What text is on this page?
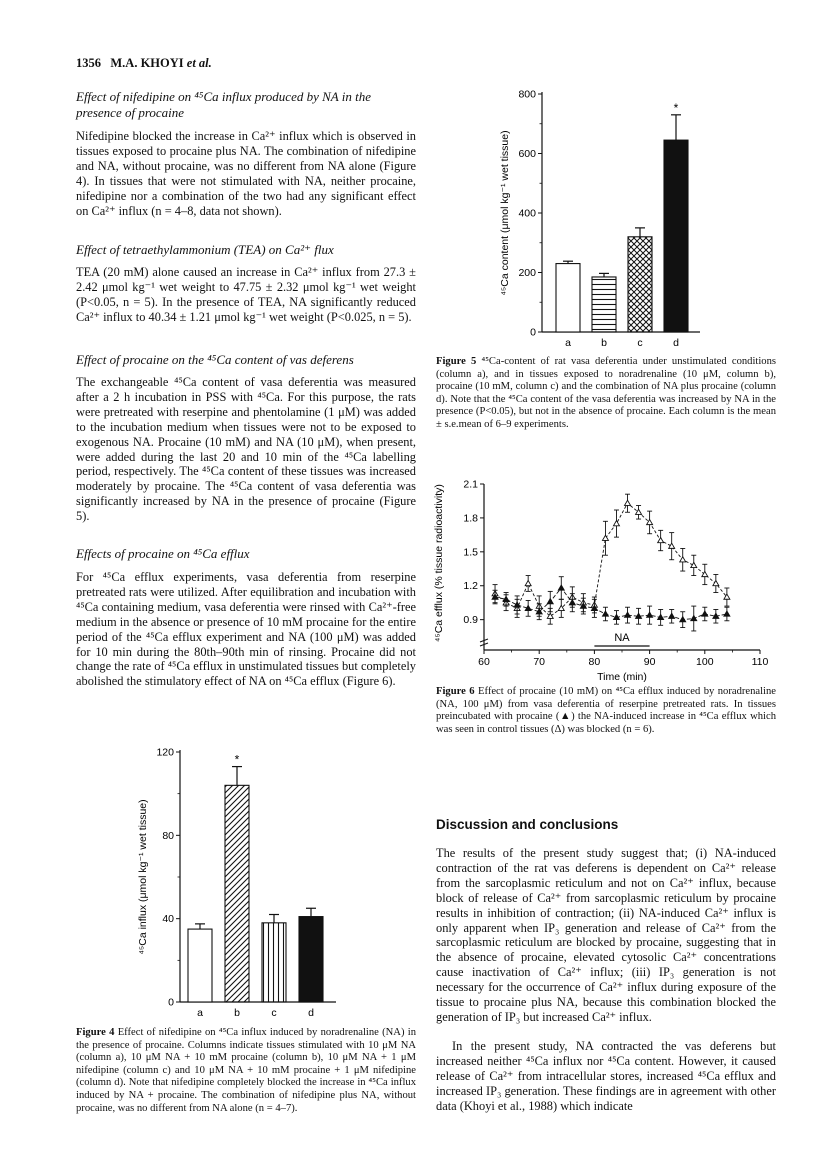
1356 M.A. KHOYI et al.
Effect of nifedipine on ⁴⁵Ca influx produced by NA in the presence of procaine

Nifedipine blocked the increase in Ca²⁺ influx which is observed in tissues exposed to procaine plus NA. The combination of nifedipine and NA, without procaine, was no different from NA alone (Figure 4). In tissues that were not stimulated with NA, neither procaine, nifedipine nor a combination of the two had any significant effect on Ca²⁺ influx (n = 4–8, data not shown).

Effect of tetraethylammonium (TEA) on Ca²⁺ flux

TEA (20 mM) alone caused an increase in Ca²⁺ influx from 27.3 ± 2.42 μmol kg⁻¹ wet weight to 47.75 ± 2.32 μmol kg⁻¹ wet weight (P<0.05, n = 5). In the presence of TEA, NA significantly reduced Ca²⁺ influx to 40.34 ± 1.21 μmol kg⁻¹ wet weight (P<0.025, n = 5).

Effect of procaine on the ⁴⁵Ca content of vas deferens

The exchangeable ⁴⁵Ca content of vasa deferentia was measured after a 2 h incubation in PSS with ⁴⁵Ca. For this purpose, the rats were pretreated with reserpine and phentolamine (1 μM) was added to the incubation medium when tissues were not to be exposed to exogenous NA. Procaine (10 mM) and NA (10 μM), when present, were added during the last 20 and 10 min of the ⁴⁵Ca labelling period, respectively. The ⁴⁵Ca content of these tissues was increased moderately by procaine. The ⁴⁵Ca content of vasa deferentia was significantly increased by NA in the presence of procaine (Figure 5).

Effects of procaine on ⁴⁵Ca efflux

For ⁴⁵Ca efflux experiments, vasa deferentia from reserpine pretreated rats were utilized. After equilibration and incubation with ⁴⁵Ca containing medium, vasa deferentia were rinsed with Ca²⁺-free medium in the absence or presence of 10 mM procaine for the entire period of the ⁴⁵Ca efflux experiment and NA (100 μM) was added for 10 min during the 80th–90th min of rinsing. Procaine did not change the rate of ⁴⁵Ca efflux in unstimulated tissues but completely abolished the stimulatory effect of NA on ⁴⁵Ca efflux (Figure 6).

0
40
80
120
⁴⁵Ca influx (μmol kg⁻¹ wet tissue)
a	b
*
c	d

Figure 4 Effect of nifedipine on ⁴⁵Ca influx induced by noradrenaline (NA) in the presence of procaine. Columns indicate tissues stimulated with 10 μM NA (column a), 10 μM NA + 10 mM procaine (column b), 10 μM NA + 1 μM nifedipine (column c) and 10 μM NA + 10 mM procaine + 1 μM nifedipine (column d). Note that nifedipine completely blocked the increase in ⁴⁵Ca influx induced by NA + procaine. The combination of nifedipine plus NA, without procaine, was no different from NA alone (n = 4–7).

0
200
400
600
800
⁴⁵Ca content (μmol kg⁻¹ wet tissue)
a	b	c	d
*

Figure 5 ⁴⁵Ca-content of rat vasa deferentia under unstimulated conditions (column a), and in tissues exposed to noradrenaline (10 μM, column b), procaine (10 mM, column c) and the combination of NA plus procaine (column d). Note that the ⁴⁵Ca content of the vasa deferentia was increased by NA in the presence (P<0.05), but not in the absence of procaine. Each column is the mean ± s.e.mean of 6–9 experiments.

60	70	80	90	100	110
0.9
1.2
1.5
1.8
2.1
Time (min)
⁴⁵Ca efflux (% tissue radioactivity)	NA

Figure 6 Effect of procaine (10 mM) on ⁴⁵Ca efflux induced by noradrenaline (NA, 100 μM) from vasa deferentia of reserpine pretreated rats. In tissues preincubated with procaine (▲) the NA-induced increase in ⁴⁵Ca efflux which was seen in control tissues (Δ) was blocked (n = 6).

Discussion and conclusions

The results of the present study suggest that; (i) NA-induced contraction of the rat vas deferens is dependent on Ca²⁺ release from the sarcoplasmic reticulum and not on Ca²⁺ influx, because block of release of Ca²⁺ from sarcoplasmic reticulum by procaine results in inhibition of contraction; (ii) NA-induced Ca²⁺ influx is only apparent when IP₃ generation and release of Ca²⁺ from the sarcoplasmic reticulum are blocked by procaine, suggesting that in the absence of procaine, elevated cytosolic Ca²⁺ concentrations cause inactivation of Ca²⁺ influx; (iii) IP₃ generation is not necessary for the occurrence of Ca²⁺ influx during exposure of the tissue to procaine plus NA, because this combination blocked the generation of IP₃ but increased Ca²⁺ influx.

In the present study, NA contracted the vas deferens but increased neither ⁴⁵Ca influx nor ⁴⁵Ca content. However, it caused release of Ca²⁺ from intracellular stores, increased ⁴⁵Ca efflux and increased IP₃ generation. These findings are in agreement with other data (Khoyi et al., 1988) which indicate
